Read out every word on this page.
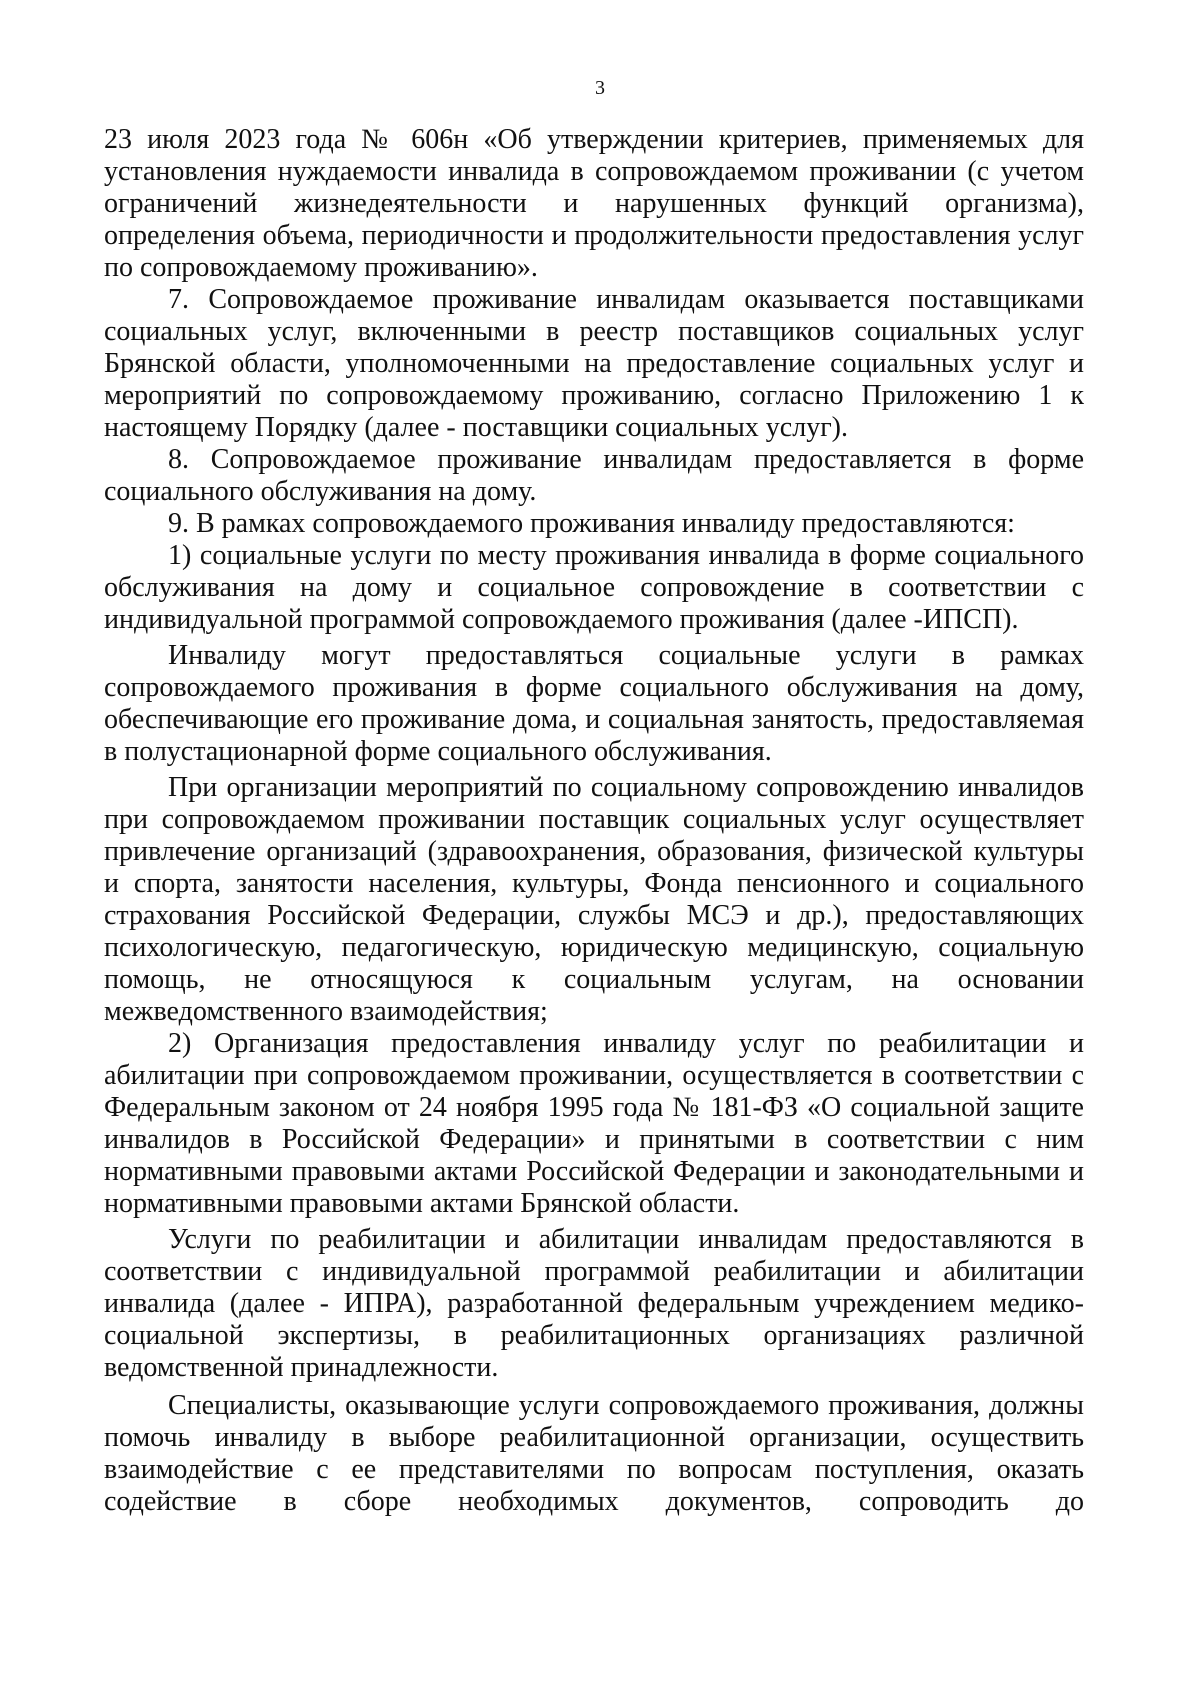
3

23 июля 2023 года № 606н «Об утверждении критериев, применяемых для установления нуждаемости инвалида в сопровождаемом проживании (с учетом ограничений жизнедеятельности и нарушенных функций организма), определения объема, периодичности и продолжительности предоставления услуг по сопровождаемому проживанию».

7. Сопровождаемое проживание инвалидам оказывается поставщиками социальных услуг, включенными в реестр поставщиков социальных услуг Брянской области, уполномоченными на предоставление социальных услуг и мероприятий по сопровождаемому проживанию, согласно Приложению 1 к настоящему Порядку (далее - поставщики социальных услуг).

8. Сопровождаемое проживание инвалидам предоставляется в форме социального обслуживания на дому.

9. В рамках сопровождаемого проживания инвалиду предоставляются:

1) социальные услуги по месту проживания инвалида в форме социального обслуживания на дому и социальное сопровождение в соответствии с индивидуальной программой сопровождаемого проживания (далее -ИПСП).

Инвалиду могут предоставляться социальные услуги в рамках сопровождаемого проживания в форме социального обслуживания на дому, обеспечивающие его проживание дома, и социальная занятость, предоставляемая в полустационарной форме социального обслуживания.

При организации мероприятий по социальному сопровождению инвалидов при сопровождаемом проживании поставщик социальных услуг осуществляет привлечение организаций (здравоохранения, образования, физической культуры и спорта, занятости населения, культуры, Фонда пенсионного и социального страхования Российской Федерации, службы МСЭ и др.), предоставляющих психологическую, педагогическую, юридическую медицинскую, социальную помощь, не относящуюся к социальным услугам, на основании межведомственного взаимодействия;

2) Организация предоставления инвалиду услуг по реабилитации и абилитации при сопровождаемом проживании, осуществляется в соответствии с Федеральным законом от 24 ноября 1995 года № 181-ФЗ «О социальной защите инвалидов в Российской Федерации» и принятыми в соответствии с ним нормативными правовыми актами Российской Федерации и законодательными и нормативными правовыми актами Брянской области.

Услуги по реабилитации и абилитации инвалидам предоставляются в соответствии с индивидуальной программой реабилитации и абилитации инвалида (далее - ИПРА), разработанной федеральным учреждением медико-социальной экспертизы, в реабилитационных организациях различной ведомственной принадлежности.

Специалисты, оказывающие услуги сопровождаемого проживания, должны помочь инвалиду в выборе реабилитационной организации, осуществить взаимодействие с ее представителями по вопросам поступления, оказать содействие в сборе необходимых документов, сопроводить до
